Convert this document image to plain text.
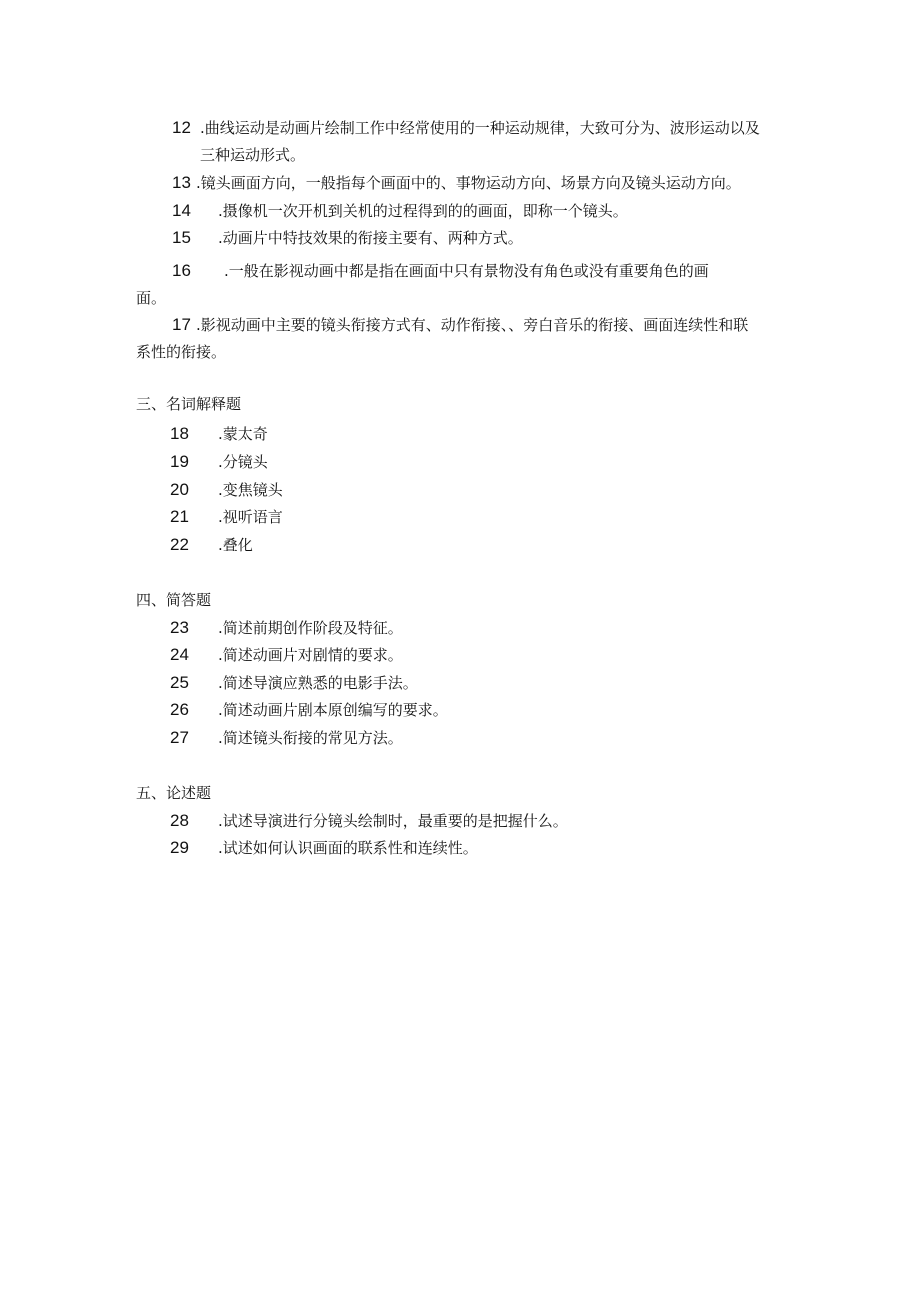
12 .曲线运动是动画片绘制工作中经常使用的一种运动规律，大致可分为、波形运动以及
三种运动形式。
13 .镜头画面方向，一般指每个画面中的、事物运动方向、场景方向及镜头运动方向。
14 .摄像机一次开机到关机的过程得到的的画面，即称一个镜头。
15 .动画片中特技效果的衔接主要有、两种方式。
16 .一般在影视动画中都是指在画面中只有景物没有角色或没有重要角色的画
面。
17 .影视动画中主要的镜头衔接方式有、动作衔接、、旁白音乐的衔接、画面连续性和联
系性的衔接。
三、名词解释题
18 .蒙太奇
19 .分镜头
20 .变焦镜头
21 .视听语言
22 .叠化
四、简答题
23 .简述前期创作阶段及特征。
24 .简述动画片对剧情的要求。
25 .简述导演应熟悉的电影手法。
26 .简述动画片剧本原创编写的要求。
27 .简述镜头衔接的常见方法。
五、论述题
28 .试述导演进行分镜头绘制时，最重要的是把握什么。
29 .试述如何认识画面的联系性和连续性。
